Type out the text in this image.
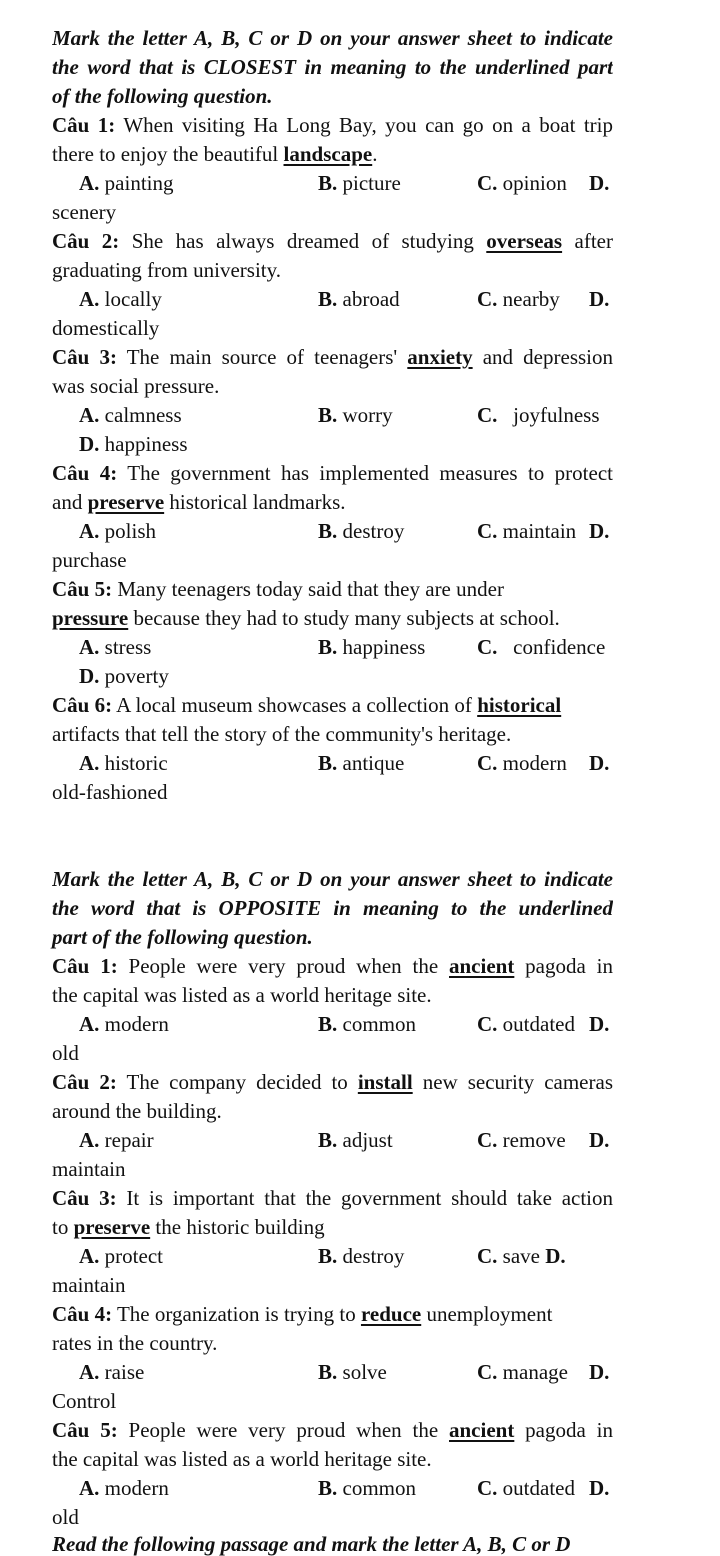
Mark the letter A, B, C or D on your answer sheet to indicate
the word that is CLOSEST in meaning to the underlined part
of the following question.
Câu 1: When visiting Ha Long Bay, you can go on a boat trip
there to enjoy the beautiful landscape.
A. painting	B. picture	C. opinion D.
scenery
Câu 2: She has always dreamed of studying overseas after
graduating from university.
A. locally	B. abroad	C. nearby D.
domestically
Câu 3: The main source of teenagers' anxiety and depression
was social pressure.
A. calmness	B. worry	C. joyfulness
D. happiness
Câu 4: The government has implemented measures to protect
and preserve historical landmarks.
A. polish	B. destroy	C. maintain D.
purchase
Câu 5: Many teenagers today said that they are under
pressure because they had to study many subjects at school.
A. stress	B. happiness C. confidence
D. poverty
Câu 6: A local museum showcases a collection of historical
artifacts that tell the story of the community's heritage.
A. historic	B. antique	C. modern D.
old-fashioned
Mark the letter A, B, C or D on your answer sheet to indicate
the word that is OPPOSITE in meaning to the underlined
part of the following question.
Câu 1: People were very proud when the ancient pagoda in
the capital was listed as a world heritage site.
A. modern	B. common	C. outdated D.
old
Câu 2: The company decided to install new security cameras
around the building.
A. repair	B. adjust	C. remove D.
maintain
Câu 3: It is important that the government should take action
to preserve the historic building
A. protect	B. destroy	C. save D.
maintain
Câu 4: The organization is trying to reduce unemployment
rates in the country.
A. raise	B. solve	C. manage D.
Control
Câu 5: People were very proud when the ancient pagoda in
the capital was listed as a world heritage site.
A. modern	B. common	C. outdated D.
old
Read the following passage and mark the letter A, B, C or D
